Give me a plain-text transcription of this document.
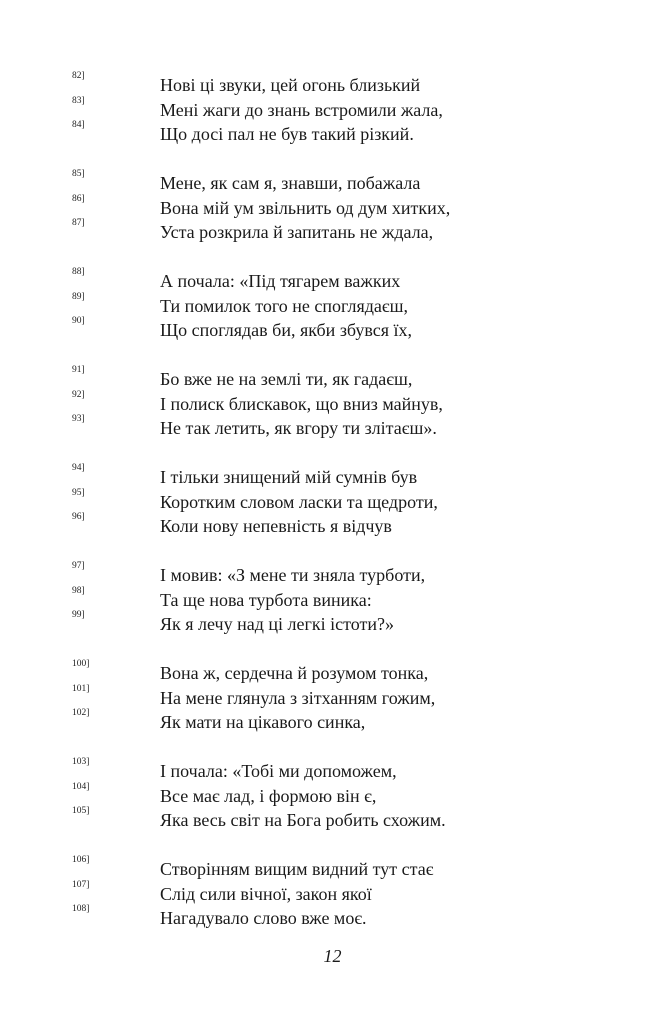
82]	Нові ці звуки, цей огонь близький
83]	Мені жаги до знань встромили жала,
84]	Що досі пал не був такий різкий.
85]	Мене, як сам я, знавши, побажала
86]	Вона мій ум звільнить од дум хитких,
87]	Уста розкрила й запитань не ждала,
88]	А почала: «Під тягарем важких
89]	Ти помилок того не споглядаєш,
90]	Що споглядав би, якби збувся їх,
91]	Бо вже не на землі ти, як гадаєш,
92]	І полиск блискавок, що вниз майнув,
93]	Не так летить, як вгору ти злітаєш».
94]	І тільки знищений мій сумнів був
95]	Коротким словом ласки та щедроти,
96]	Коли нову непевність я відчув
97]	І мовив: «З мене ти зняла турботи,
98]	Та ще нова турбота виника:
99]	Як я лечу над ці легкі істоти?»
100]	Вона ж, сердечна й розумом тонка,
101]	На мене глянула з зітханням гожим,
102]	Як мати на цікавого синка,
103]	І почала: «Тобі ми допоможем,
104]	Все має лад, і формою він є,
105]	Яка весь світ на Бога робить схожим.
106]	Створінням вищим видний тут стає
107]	Слід сили вічної, закон якої
108]	Нагадувало слово вже моє.
12
